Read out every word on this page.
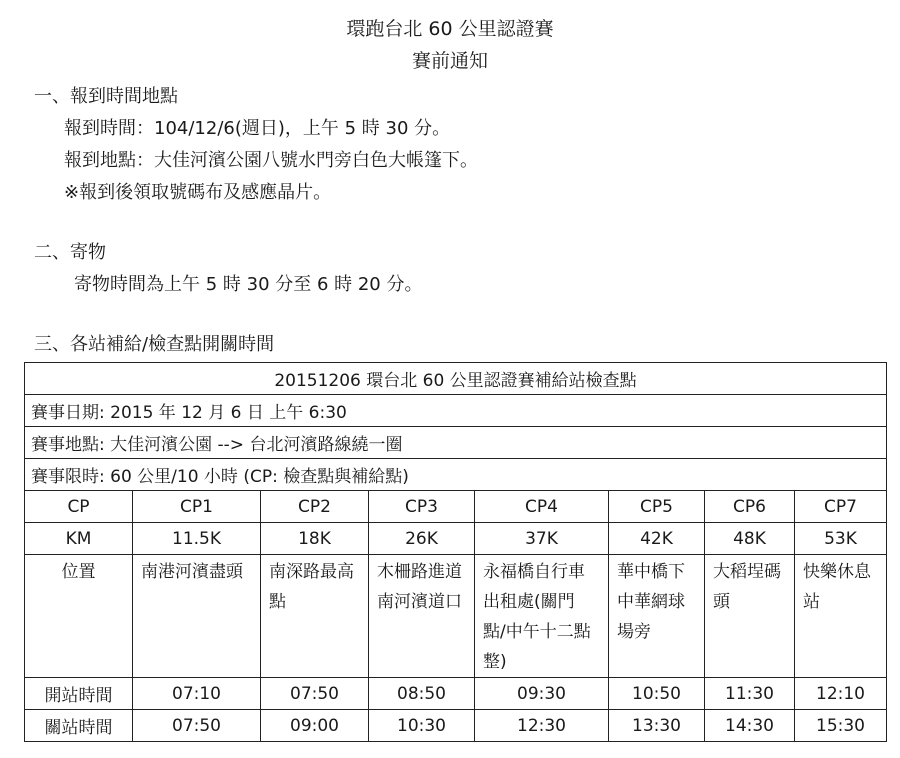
環跑台北 60 公里認證賽
賽前通知
一、報到時間地點
報到時間：104/12/6(週日)，上午 5 時 30 分。
報到地點：大佳河濱公園八號水門旁白色大帳篷下。
※報到後領取號碼布及感應晶片。
二、寄物
寄物時間為上午 5 時 30 分至 6 時 20 分。
三、各站補給/檢查點開關時間
20151206 環台北 60 公里認證賽補給站檢查點							
賽事日期: 2015 年 12 月 6 日 上午 6:30							
賽事地點: 大佳河濱公園 --> 台北河濱路線繞一圈							
賽事限時: 60 公里/10 小時 (CP: 檢查點與補給點)							
CP	CP1	CP2	CP3	CP4	CP5	CP6	CP7
KM	11.5K	18K	26K	37K	42K	48K	53K
位置	南港河濱盡頭	南深路最高點	木柵路進道南河濱道口	永福橋自行車出租處(關門點/中午十二點整)	華中橋下中華網球場旁	大稻埕碼頭	快樂休息站

開站時間	07:10	07:50	08:50	09:30	10:50	11:30	12:10
關站時間	07:50	09:00	10:30	12:30	13:30	14:30	15:30
